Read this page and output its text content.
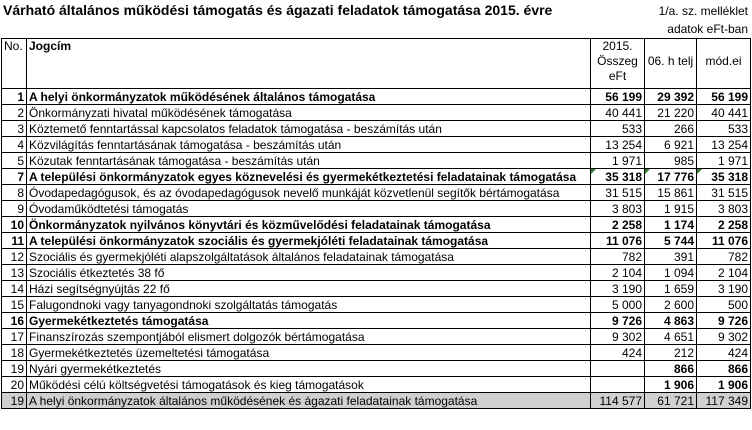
Várható általános működési támogatás és ágazati feladatok támogatása 2015. évre	1/a. sz. melléklet
adatok eFt-ban
No.	Jogcím	2015.
Összeg
eFt	06. h telj	mód.ei

1	A helyi önkormányzatok működésének általános támogatása	56 199	29 392	56 199
2	Önkormányzati hivatal működésének támogatása	40 441	21 220	40 441
3	Köztemető fenntartással kapcsolatos feladatok támogatása - beszámítás után	533	266	533
4	Közvilágítás fenntartásának támogatása - beszámítás után	13 254	6 921	13 254
5	Közutak fenntartásának támogatása - beszámítás után	1 971	985	1 971
7	A települési önkormányzatok egyes köznevelési és gyermekétkeztetési feladatainak támogatása	35 318	17 776	35 318
8	Óvodapedagógusok, és az óvodapedagógusok nevelő munkáját közvetlenül segítők bértámogatása	31 515	15 861	31 515
9	Óvodaműködtetési támogatás	3 803	1 915	3 803
10	Önkormányzatok nyilvános könyvtári és közművelődési feladatainak támogatása	2 258	1 174	2 258
11	A települési önkormányzatok szociális és gyermekjóléti feladatainak támogatása	11 076	5 744	11 076
12	Szociális és gyermekjóléti alapszolgáltatások általános feladatainak támogatása	782	391	782
13	Szociális étkeztetés 38 fő	2 104	1 094	2 104
14	Házi segítségnyújtás 22 fő	3 190	1 659	3 190
15	Falugondnoki vagy tanyagondnoki szolgáltatás támogatás	5 000	2 600	500
16	Gyermekétkeztetés támogatása	9 726	4 863	9 726
17	Finanszírozás szempontjából elismert dolgozók bértámogatása	9 302	4 651	9 302
18	Gyermekétkeztetés üzemeltetési támogatása	424	212	424
19	Nyári gyermekétkeztetés		866	866
20	Működési célú költségvetési támogatások és kieg támogatások		1 906	1 906
19	A helyi önkormányzatok általános működésének és ágazati feladatainak támogatása	114 577	61 721	117 349
